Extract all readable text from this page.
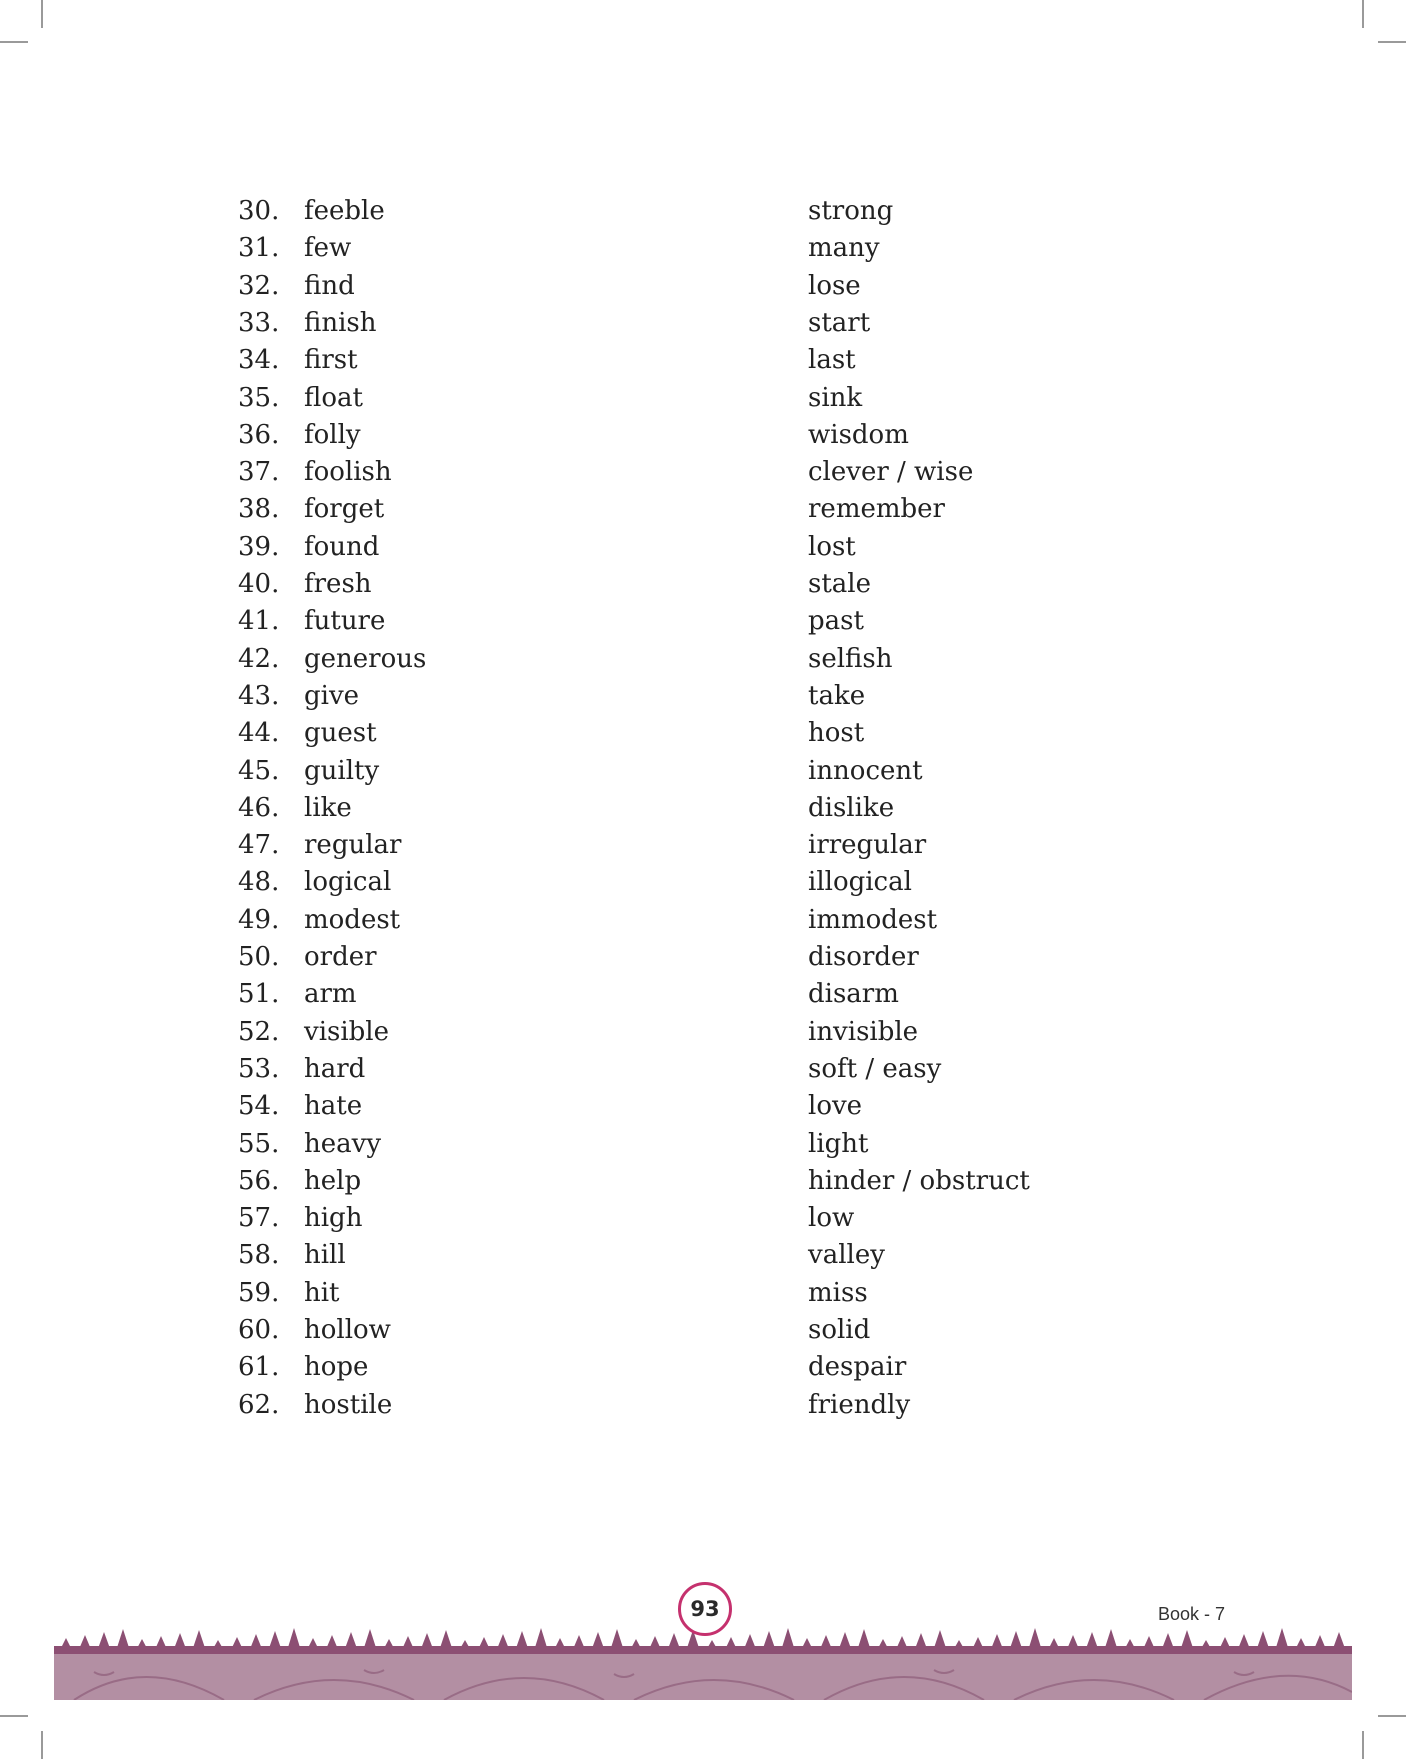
30. feeble	strong
31. few	many
32. find	lose
33. finish	start
34. first	last
35. float	sink
36. folly	wisdom
37. foolish	clever / wise
38. forget	remember
39. found	lost
40. fresh	stale
41. future	past
42. generous	selfish
43. give	take
44. guest	host
45. guilty	innocent
46. like	dislike
47. regular	irregular
48. logical	illogical
49. modest	immodest
50. order	disorder
51. arm	disarm
52. visible	invisible
53. hard	soft / easy
54. hate	love
55. heavy	light
56. help	hinder / obstruct
57. high	low
58. hill	valley
59. hit	miss
60. hollow	solid
61. hope	despair
62. hostile	friendly
93	Book - 7
